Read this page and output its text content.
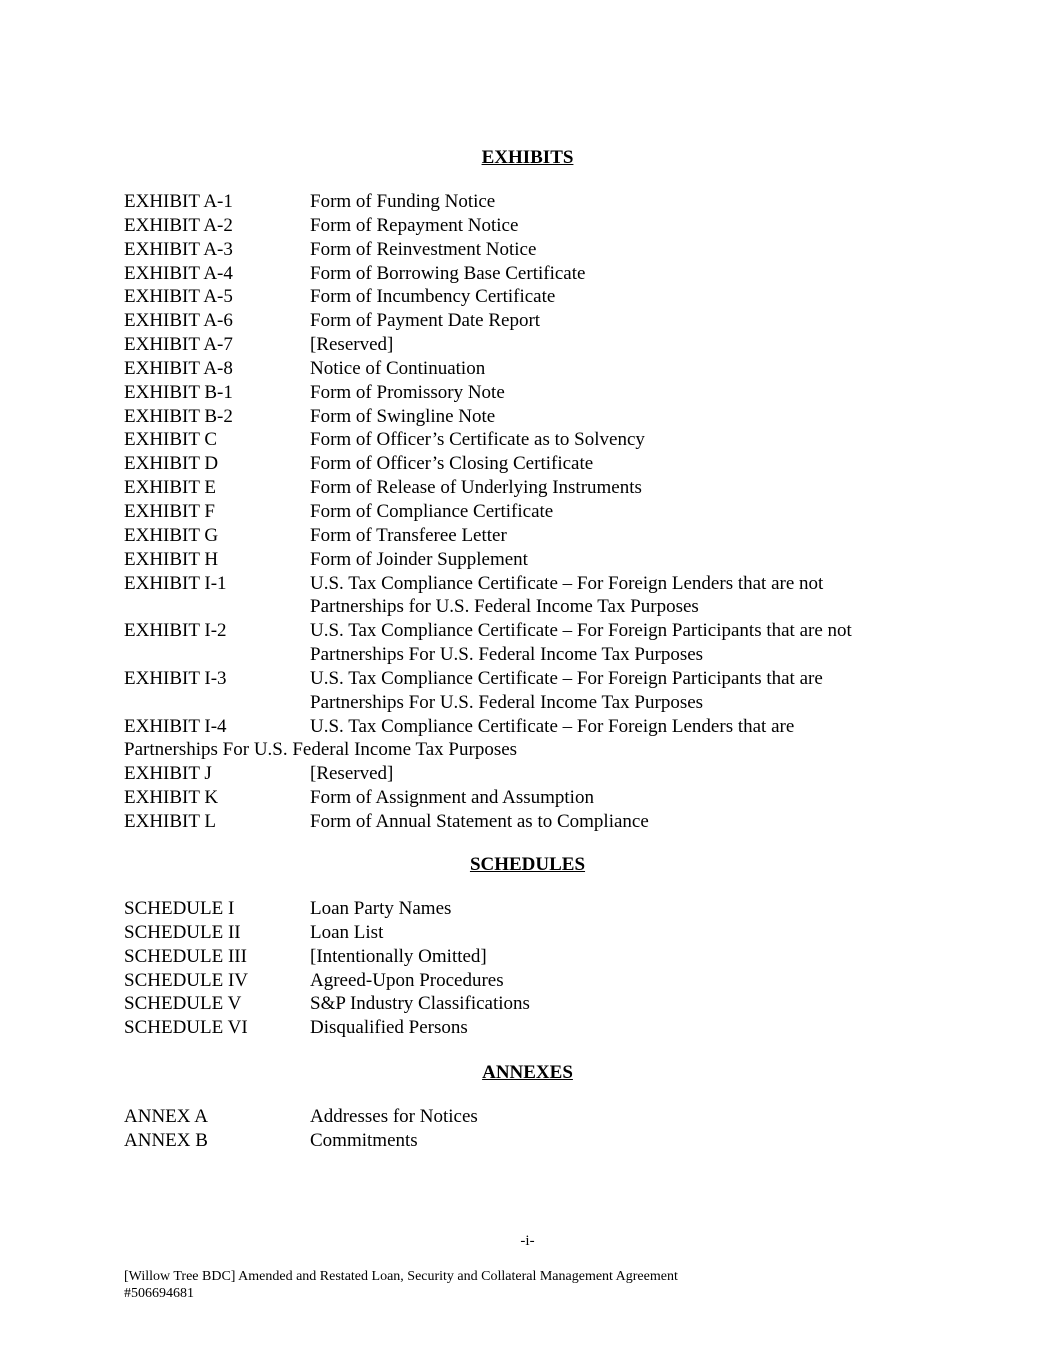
EXHIBITS
EXHIBIT A-1	Form of Funding Notice
EXHIBIT A-2	Form of Repayment Notice
EXHIBIT A-3	Form of Reinvestment Notice
EXHIBIT A-4	Form of Borrowing Base Certificate
EXHIBIT A-5	Form of Incumbency Certificate
EXHIBIT A-6	Form of Payment Date Report
EXHIBIT A-7	[Reserved]
EXHIBIT A-8	Notice of Continuation
EXHIBIT B-1	Form of Promissory Note
EXHIBIT B-2	Form of Swingline Note
EXHIBIT C	Form of Officer’s Certificate as to Solvency
EXHIBIT D	Form of Officer’s Closing Certificate
EXHIBIT E	Form of Release of Underlying Instruments
EXHIBIT F	Form of Compliance Certificate
EXHIBIT G	Form of Transferee Letter
EXHIBIT H	Form of Joinder Supplement
EXHIBIT I-1	U.S. Tax Compliance Certificate – For Foreign Lenders that are not
Partnerships for U.S. Federal Income Tax Purposes
EXHIBIT I-2	U.S. Tax Compliance Certificate – For Foreign Participants that are not
Partnerships For U.S. Federal Income Tax Purposes
EXHIBIT I-3	U.S. Tax Compliance Certificate – For Foreign Participants that are
Partnerships For U.S. Federal Income Tax Purposes
EXHIBIT I-4	U.S. Tax Compliance Certificate – For Foreign Lenders that are
Partnerships For U.S. Federal Income Tax Purposes
EXHIBIT J	[Reserved]
EXHIBIT K	Form of Assignment and Assumption
EXHIBIT L	Form of Annual Statement as to Compliance
SCHEDULES
SCHEDULE I	Loan Party Names
SCHEDULE II	Loan List
SCHEDULE III	[Intentionally Omitted]
SCHEDULE IV	Agreed-Upon Procedures
SCHEDULE V	S&P Industry Classifications
SCHEDULE VI	Disqualified Persons
ANNEXES
ANNEX A	Addresses for Notices
ANNEX B	Commitments
-i-
[Willow Tree BDC] Amended and Restated Loan, Security and Collateral Management Agreement
#506694681
